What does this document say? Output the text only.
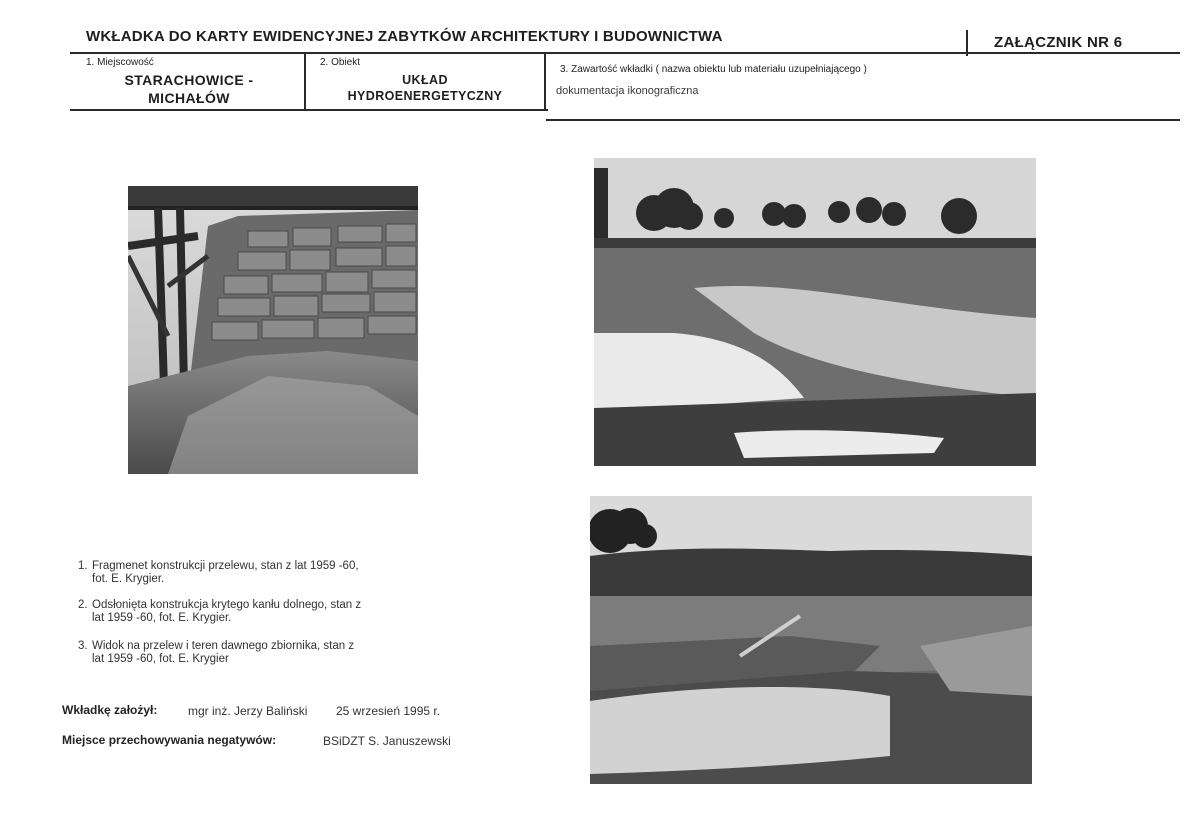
WKŁADKA DO KARTY EWIDENCYJNEJ ZABYTKÓW ARCHITEKTURY I BUDOWNICTWA	ZAŁĄCZNIK NR 6
1. Miejscowość
STARACHOWICE -
MICHAŁÓW
2. Obiekt
UKŁAD
HYDROENERGETYCZNY
3. Zawartość wkładki ( nazwa obiektu lub materiału uzupełniającego )
dokumentacja ikonograficzna
1. Fragmenet konstrukcji przelewu, stan z lat 1959 -60,
fot. E. Krygier.
2. Odsłonięta konstrukcja krytego kanłu dolnego, stan z
lat 1959 -60, fot. E. Krygier.
3. Widok na przelew i teren dawnego zbiornika, stan z
lat 1959 -60, fot. E. Krygier
Wkładkę założył:	mgr inż. Jerzy Baliński 25 wrzesień 1995 r.
Miejsce przechowywania negatywów:	BSiDZT S. Januszewski
